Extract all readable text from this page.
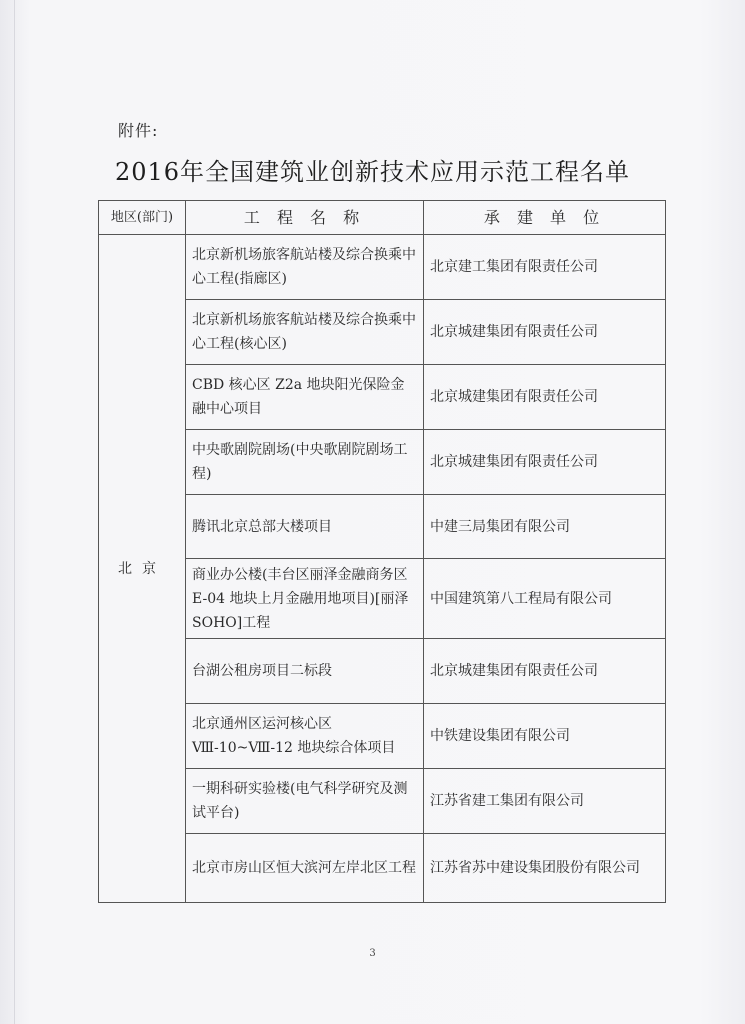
附件:
2016年全国建筑业创新技术应用示范工程名单
地区(部门)	工 程 名 称	承 建 单 位
北京	北京新机场旅客航站楼及综合换乘中心工程(指廊区)	北京建工集团有限责任公司
	北京新机场旅客航站楼及综合换乘中心工程(核心区)	北京城建集团有限责任公司
	CBD 核心区 Z2a 地块阳光保险金融中心项目	北京城建集团有限责任公司
	中央歌剧院剧场(中央歌剧院剧场工程)	北京城建集团有限责任公司
	腾讯北京总部大楼项目	中建三局集团有限公司
	商业办公楼(丰台区丽泽金融商务区 E-04 地块上月金融用地项目)[丽泽 SOHO]工程	中国建筑第八工程局有限公司
	台湖公租房项目二标段	北京城建集团有限责任公司
	北京通州区运河核心区 Ⅷ-10~Ⅷ-12 地块综合体项目	中铁建设集团有限公司
	一期科研实验楼(电气科学研究及测试平台)	江苏省建工集团有限公司
	北京市房山区恒大滨河左岸北区工程	江苏省苏中建设集团股份有限公司
3
